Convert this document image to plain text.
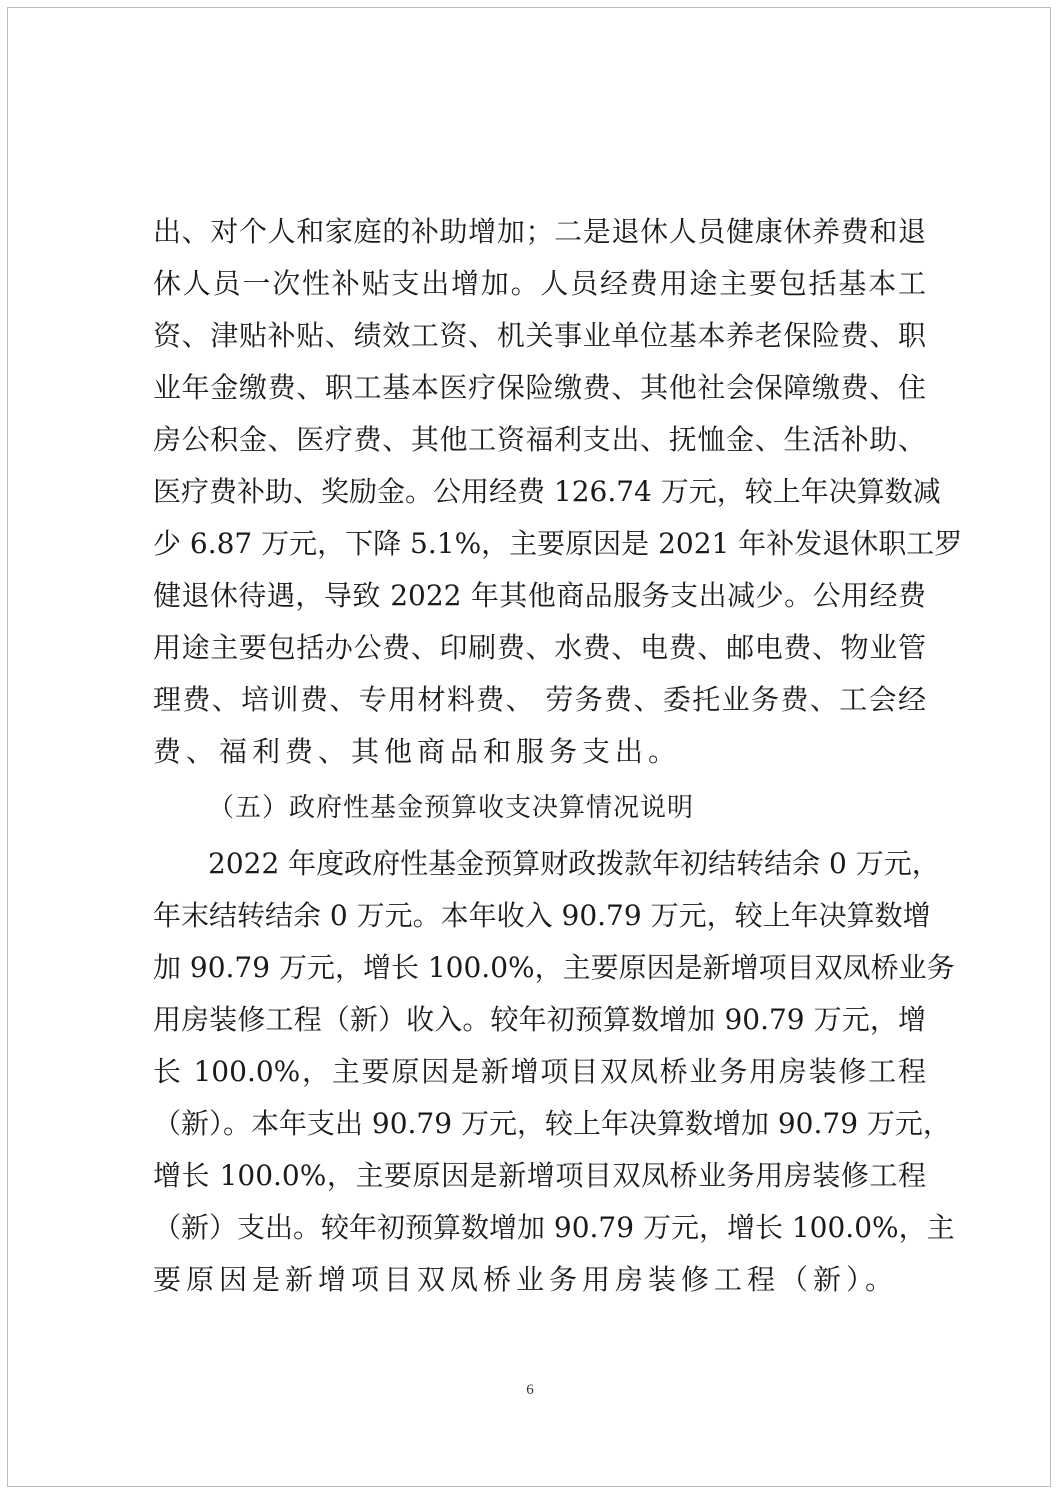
出、对个人和家庭的补助增加；二是退休人员健康休养费和退
休人员一次性补贴支出增加。人员经费用途主要包括基本工
资、津贴补贴、绩效工资、机关事业单位基本养老保险费、职
业年金缴费、职工基本医疗保险缴费、其他社会保障缴费、住
房公积金、医疗费、其他工资福利支出、抚恤金、生活补助、
医疗费补助、奖励金。公用经费 126.74 万元，较上年决算数减
少 6.87 万元，下降 5.1%，主要原因是 2021 年补发退休职工罗
健退休待遇，导致 2022 年其他商品服务支出减少。公用经费
用途主要包括办公费、印刷费、水费、电费、邮电费、物业管
理费、培训费、专用材料费、 劳务费、委托业务费、工会经
费、福利费、其他商品和服务支出。
（五）政府性基金预算收支决算情况说明
2022 年度政府性基金预算财政拨款年初结转结余 0 万元，
年末结转结余 0 万元。本年收入 90.79 万元，较上年决算数增
加 90.79 万元，增长 100.0%，主要原因是新增项目双凤桥业务
用房装修工程（新）收入。较年初预算数增加 90.79 万元，增
长 100.0%，主要原因是新增项目双凤桥业务用房装修工程
（新）。本年支出 90.79 万元，较上年决算数增加 90.79 万元，
增长 100.0%，主要原因是新增项目双凤桥业务用房装修工程
（新）支出。较年初预算数增加 90.79 万元，增长 100.0%，主
要原因是新增项目双凤桥业务用房装修工程（新）。
6
